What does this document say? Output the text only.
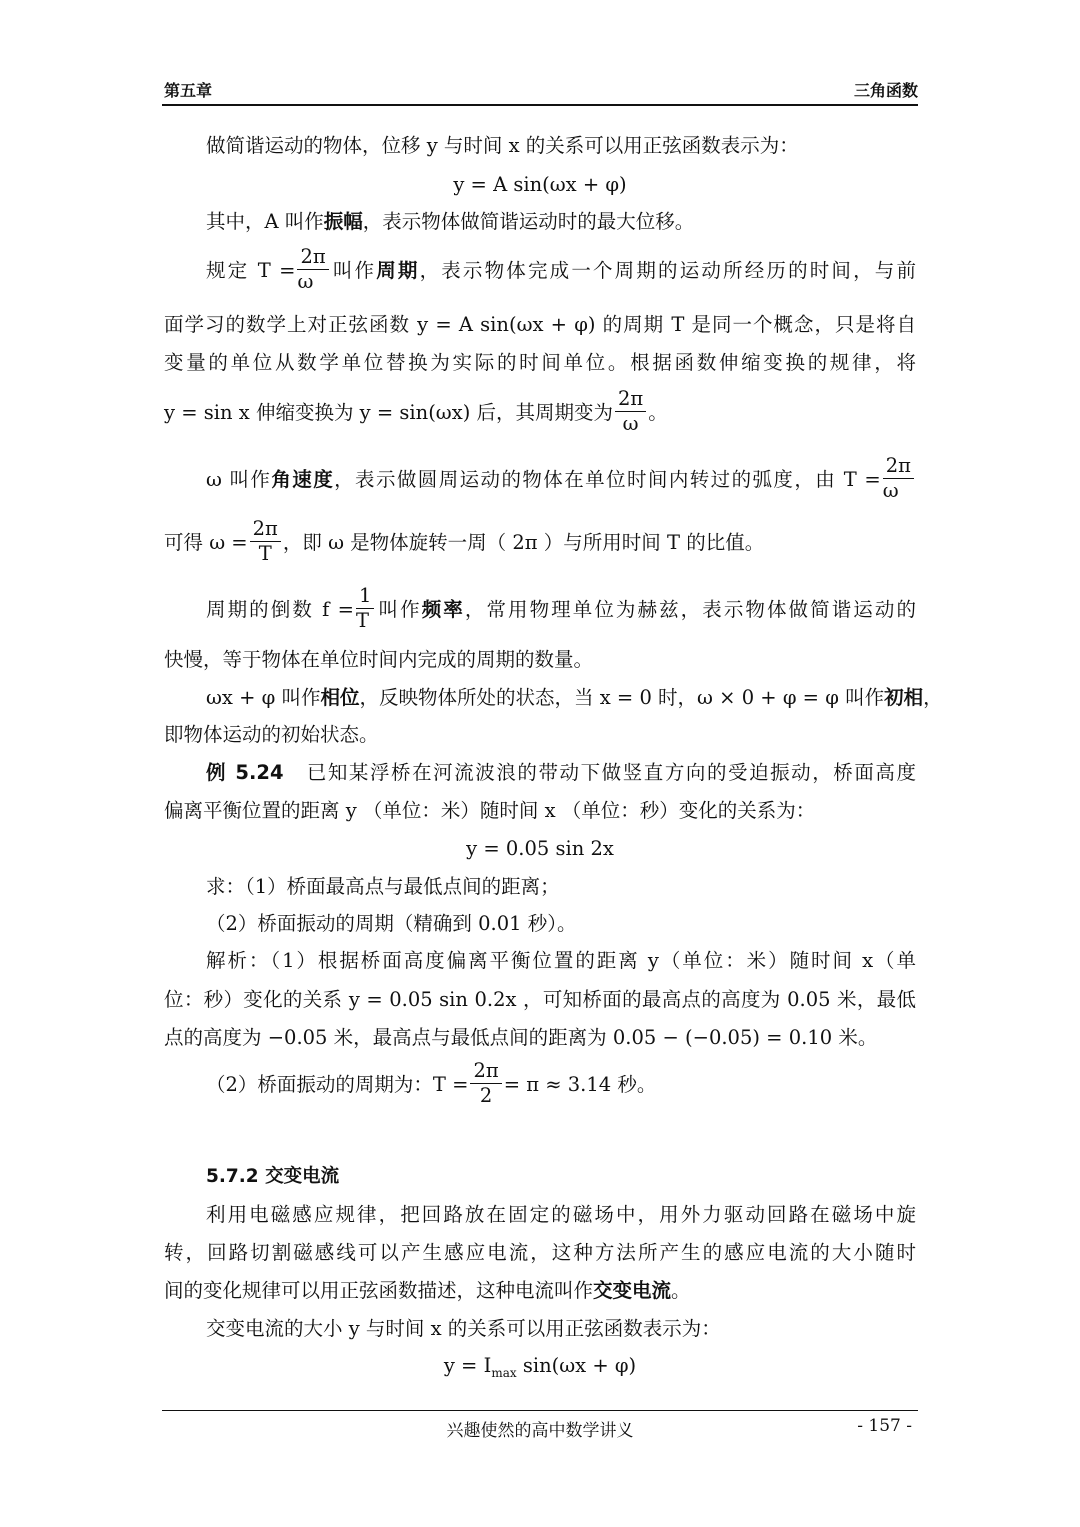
第五章	三角函数
做简谐运动的物体，位移 y 与时间 x 的关系可以用正弦函数表示为：
y = A sin(ωx + φ)
其中，A 叫作振幅，表示物体做简谐运动时的最大位移。
规定 $T = \frac{2\pi}{\omega}$ 叫作周期，表示物体完成一个周期的运动所经历的时间，与前
面学习的数学上对正弦函数 y = A sin(ωx + φ) 的周期 T 是同一个概念，只是将自
变量的单位从数学单位替换为实际的时间单位。根据函数伸缩变换的规律，将
y = sin x 伸缩变换为 y = sin(ωx) 后，其周期变为 $\frac{2\pi}{\omega}$ 。
ω 叫作角速度，表示做圆周运动的物体在单位时间内转过的弧度，由 $T = \frac{2\pi}{\omega}$
可得 $\omega = \frac{2\pi}{T}$ ，即 ω 是物体旋转一周（ 2π ）与所用时间 T 的比值。
周期的倒数 $f = \frac{1}{T}$ 叫作频率，常用物理单位为赫兹，表示物体做简谐运动的
快慢，等于物体在单位时间内完成的周期的数量。
ωx + φ 叫作相位，反映物体所处的状态，当 x = 0 时，ω × 0 + φ = φ 叫作初相，
即物体运动的初始状态。
例 5.24 已知某浮桥在河流波浪的带动下做竖直方向的受迫振动，桥面高度
偏离平衡位置的距离 y （单位：米）随时间 x （单位：秒）变化的关系为：
y = 0.05 sin 2x
求：（1）桥面最高点与最低点间的距离；
（2）桥面振动的周期（精确到 0.01 秒）。
解析：（1）根据桥面高度偏离平衡位置的距离 y（单位：米）随时间 x（单
位：秒）变化的关系 y = 0.05 sin 0.2x ，可知桥面的最高点的高度为 0.05 米，最低
点的高度为 −0.05 米，最高点与最低点间的距离为 0.05 − (−0.05) = 0.10 米。
（2）桥面振动的周期为：$T = \frac{2\pi}{2} = \pi \approx 3.14$ 秒。
5.7.2 交变电流
利用电磁感应规律，把回路放在固定的磁场中，用外力驱动回路在磁场中旋
转，回路切割磁感线可以产生感应电流，这种方法所产生的感应电流的大小随时
间的变化规律可以用正弦函数描述，这种电流叫作交变电流。
交变电流的大小 y 与时间 x 的关系可以用正弦函数表示为：
$y = I_{max}$ sin(ωx + φ)
兴趣使然的高中数学讲义	- 157 -
